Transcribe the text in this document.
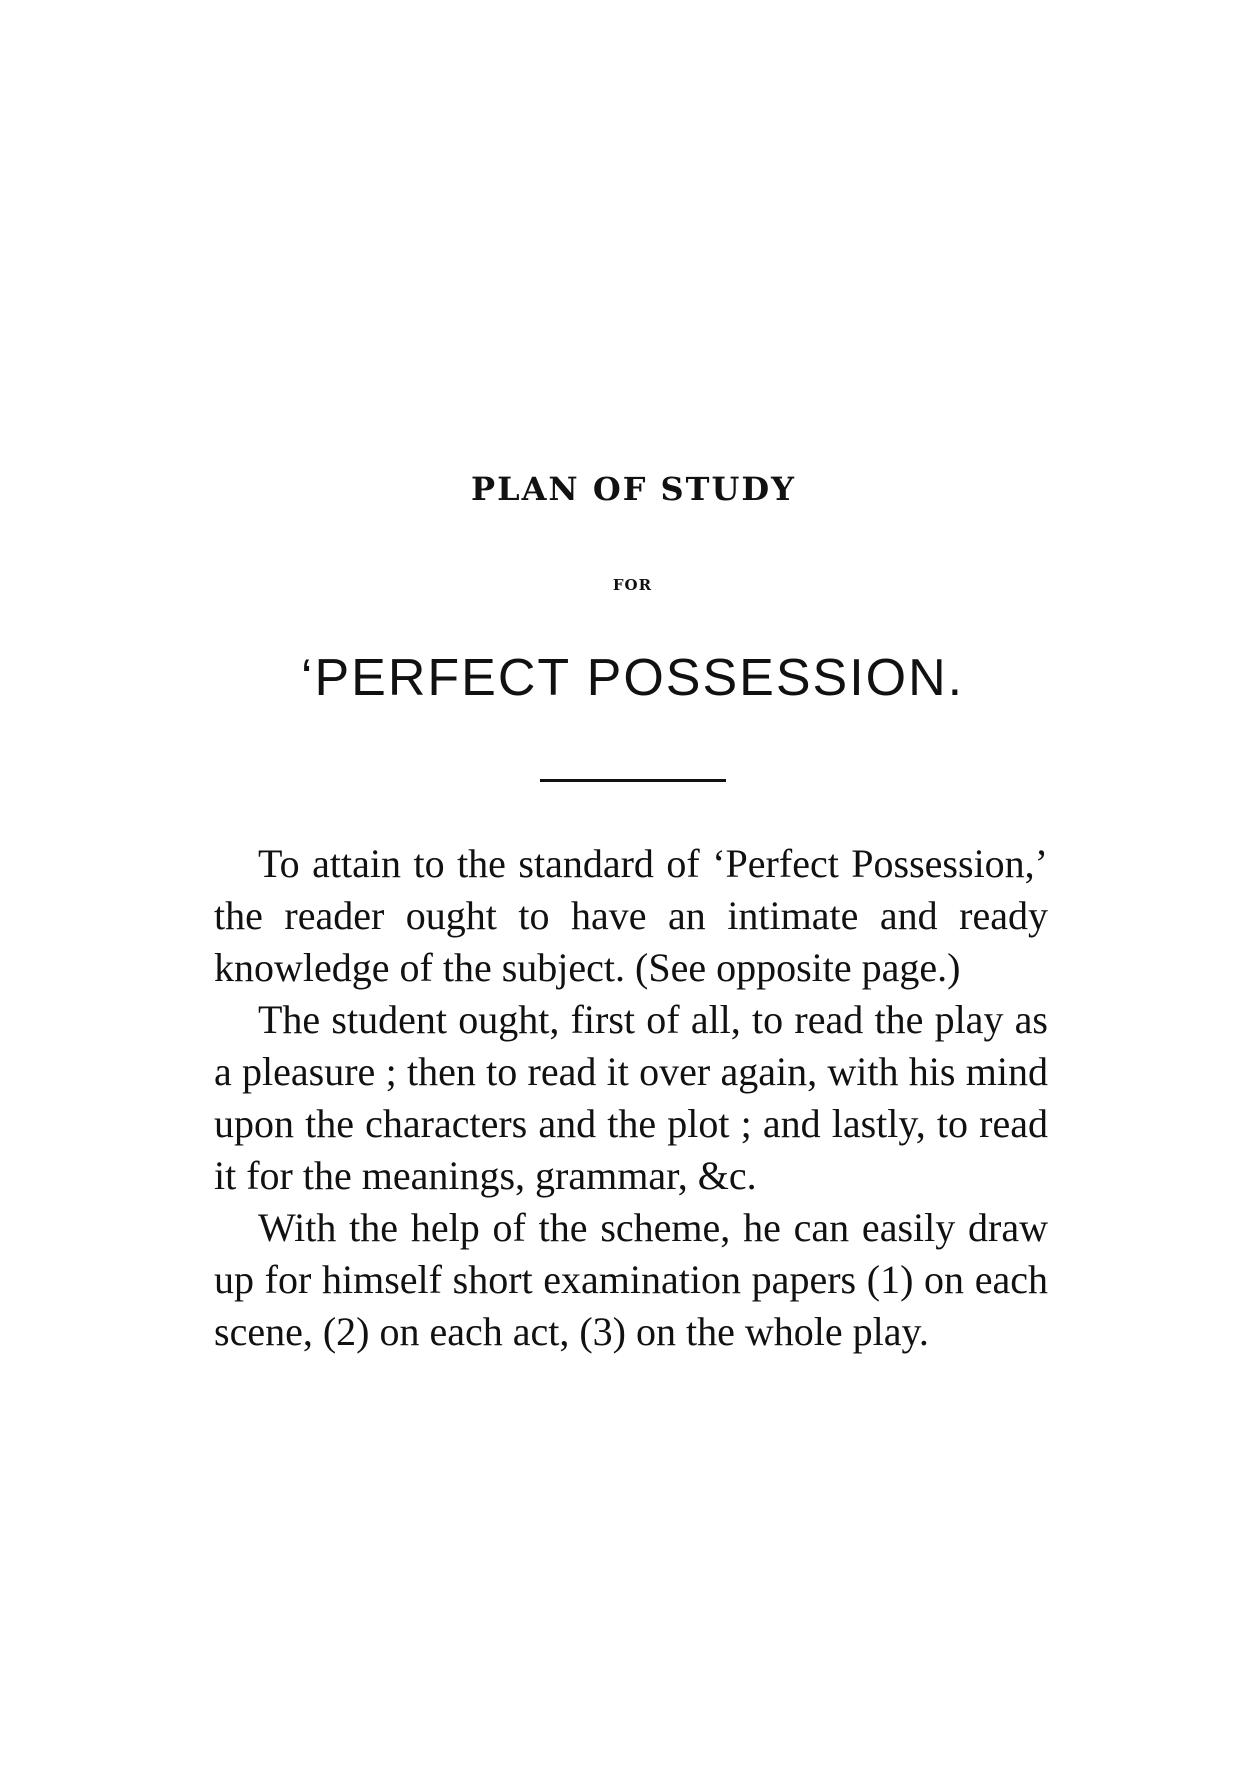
PLAN OF STUDY
FOR
‘PERFECT POSSESSION.

To attain to the standard of ‘Perfect Possession,’ the reader ought to have an intimate and ready knowledge of the subject. (See opposite page.)

The student ought, first of all, to read the play as a pleasure ; then to read it over again, with his mind upon the characters and the plot ; and lastly, to read it for the meanings, grammar, &c.

With the help of the scheme, he can easily draw up for himself short examination papers (1) on each scene, (2) on each act, (3) on the whole play.
